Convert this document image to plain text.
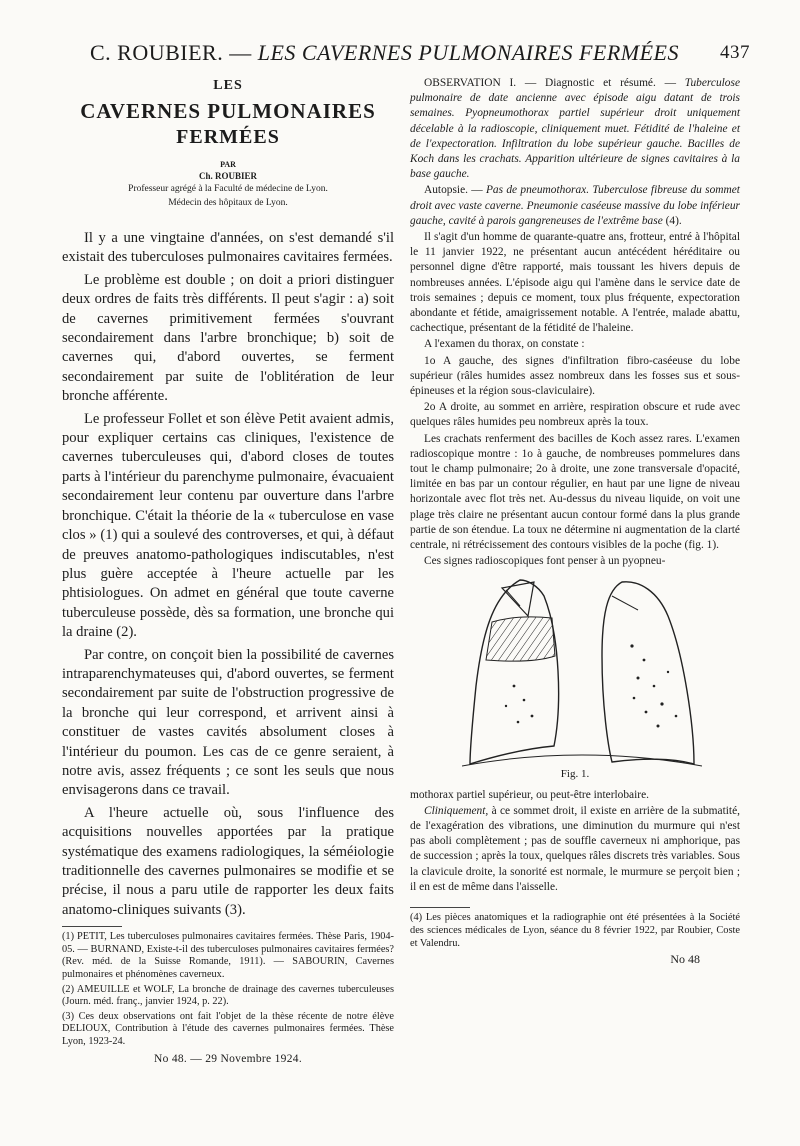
C. ROUBIER. — LES CAVERNES PULMONAIRES FERMÉES 437
LES
CAVERNES PULMONAIRES
FERMÉES
PAR
Ch. ROUBIER
Professeur agrégé à la Faculté de médecine de Lyon.
Médecin des hôpitaux de Lyon.

Il y a une vingtaine d'années, on s'est demandé s'il existait des tuberculoses pulmonaires cavitaires fermées.

Le problème est double ; on doit a priori distinguer deux ordres de faits très différents. Il peut s'agir : a) soit de cavernes primitivement fermées s'ouvrant secondairement dans l'arbre bronchique; b) soit de cavernes qui, d'abord ouvertes, se ferment secondairement par suite de l'oblitération de leur bronche afférente.

Le professeur Follet et son élève Petit avaient admis, pour expliquer certains cas cliniques, l'existence de cavernes tuberculeuses qui, d'abord closes de toutes parts à l'intérieur du parenchyme pulmonaire, évacuaient secondairement leur contenu par ouverture dans l'arbre bronchique. C'était la théorie de la « tuberculose en vase clos » (1) qui a soulevé des controverses, et qui, à défaut de preuves anatomo-pathologiques indiscutables, n'est plus guère acceptée à l'heure actuelle par les phtisiologues. On admet en général que toute caverne tuberculeuse possède, dès sa formation, une bronche qui la draine (2).

Par contre, on conçoit bien la possibilité de cavernes intraparenchymateuses qui, d'abord ouvertes, se ferment secondairement par suite de l'obstruction progressive de la bronche qui leur correspond, et arrivent ainsi à constituer de vastes cavités absolument closes à l'intérieur du poumon. Les cas de ce genre seraient, à notre avis, assez fréquents ; ce sont les seuls que nous envisagerons dans ce travail.

A l'heure actuelle où, sous l'influence des acquisitions nouvelles apportées par la pratique systématique des examens radiologiques, la séméiologie traditionnelle des cavernes pulmonaires se modifie et se précise, il nous a paru utile de rapporter les deux faits anatomo-cliniques suivants (3).

(1) PETIT, Les tuberculoses pulmonaires cavitaires fermées. Thèse Paris, 1904-05. — BURNAND, Existe-t-il des tuberculoses pulmonaires cavitaires fermées? (Rev. méd. de la Suisse Romande, 1911). — SABOURIN, Cavernes pulmonaires et phénomènes caverneux.

(2) AMEUILLE et WOLF, La bronche de drainage des cavernes tuberculeuses (Journ. méd. franç., janvier 1924, p. 22).

(3) Ces deux observations ont fait l'objet de la thèse récente de notre élève DELIOUX, Contribution à l'étude des cavernes pulmonaires fermées. Thèse Lyon, 1923-24.

No 48. — 29 Novembre 1924.

OBSERVATION I. — Diagnostic et résumé. — Tuberculose pulmonaire de date ancienne avec épisode aigu datant de trois semaines. Pyopneumothorax partiel supérieur droit uniquement décelable à la radioscopie, cliniquement muet. Fétidité de l'haleine et de l'expectoration. Infiltration du lobe supérieur gauche. Bacilles de Koch dans les crachats. Apparition ultérieure de signes cavitaires à la base gauche.

Autopsie. — Pas de pneumothorax. Tuberculose fibreuse du sommet droit avec vaste caverne. Pneumonie caséeuse massive du lobe inférieur gauche, cavité à parois gangreneuses de l'extrême base (4).

Il s'agit d'un homme de quarante-quatre ans, frotteur, entré à l'hôpital le 11 janvier 1922, ne présentant aucun antécédent héréditaire ou personnel digne d'être rapporté, mais toussant les hivers depuis de nombreuses années. L'épisode aigu qui l'amène dans le service date de trois semaines ; depuis ce moment, toux plus fréquente, expectoration abondante et fétide, amaigrissement notable. A l'entrée, malade abattu, cachectique, présentant de la fétidité de l'haleine.

A l'examen du thorax, on constate :

1o A gauche, des signes d'infiltration fibro-caséeuse du lobe supérieur (râles humides assez nombreux dans les fosses sus et sous-épineuses et la région sous-claviculaire).

2o A droite, au sommet en arrière, respiration obscure et rude avec quelques râles humides peu nombreux après la toux.

Les crachats renferment des bacilles de Koch assez rares. L'examen radioscopique montre : 1o à gauche, de nombreuses pommelures dans tout le champ pulmonaire; 2o à droite, une zone transversale d'opacité, limitée en bas par un contour régulier, en haut par une ligne de niveau horizontale avec flot très net. Au-dessus du niveau liquide, on voit une plage très claire ne présentant aucun contour formé dans la plus grande partie de son étendue. La toux ne détermine ni augmentation de la clarté centrale, ni rétrécissement des contours visibles de la poche (fig. 1).

Ces signes radioscopiques font penser à un pyopneu-

Fig. 1.

mothorax partiel supérieur, ou peut-être interlobaire.

Cliniquement, à ce sommet droit, il existe en arrière de la submatité, de l'exagération des vibrations, une diminution du murmure qui n'est pas aboli complètement ; pas de souffle caverneux ni amphorique, pas de succession ; après la toux, quelques râles discrets très variables. Sous la clavicule droite, la sonorité est normale, le murmure se perçoit bien ; il en est de même dans l'aisselle.

(4) Les pièces anatomiques et la radiographie ont été présentées à la Société des sciences médicales de Lyon, séance du 8 février 1922, par Roubier, Coste et Valendru.
No 48
